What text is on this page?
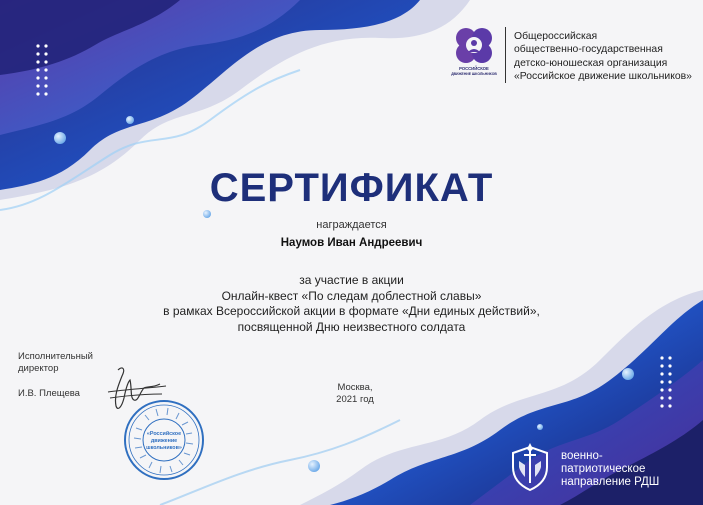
РОССИЙСКОЕ
ДВИЖЕНИЕ ШКОЛЬНИКОВ
Общероссийская
общественно-государственная
детско-юношеская организация
«Российское движение школьников»
СЕРТИФИКАТ
награждается
Наумов Иван Андреевич
за участие в акции
Онлайн-квест «По следам доблестной славы»
в рамках Всероссийской акции в формате «Дни единых действий»,
посвященной Дню неизвестного солдата
Исполнительный
директор
И.В. Плещева
«Российское
движение
школьников»
Москва,
2021 год
военно-
патриотическое
направление РДШ
